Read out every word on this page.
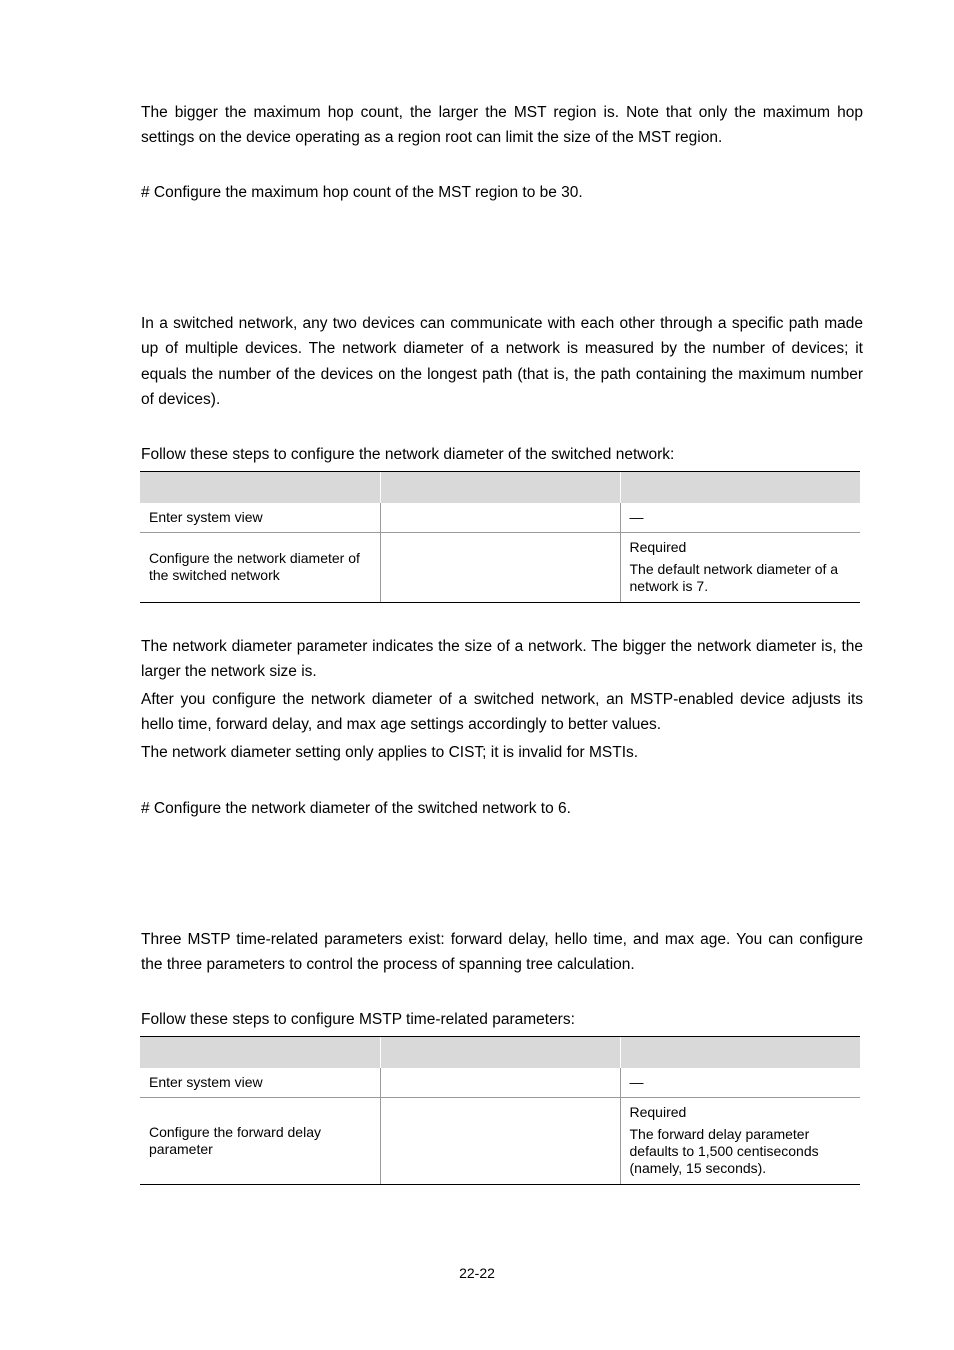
The bigger the maximum hop count, the larger the MST region is. Note that only the maximum hop settings on the device operating as a region root can limit the size of the MST region.

# Configure the maximum hop count of the MST region to be 30.

In a switched network, any two devices can communicate with each other through a specific path made up of multiple devices. The network diameter of a network is measured by the number of devices; it equals the number of the devices on the longest path (that is, the path containing the maximum number of devices).

Follow these steps to configure the network diameter of the switched network:

Enter system view		—
Configure the network diameter of the switched network		Required

The default network diameter of a network is 7.

The network diameter parameter indicates the size of a network. The bigger the network diameter is, the larger the network size is.

After you configure the network diameter of a switched network, an MSTP-enabled device adjusts its hello time, forward delay, and max age settings accordingly to better values.

The network diameter setting only applies to CIST; it is invalid for MSTIs.

# Configure the network diameter of the switched network to 6.

Three MSTP time-related parameters exist: forward delay, hello time, and max age. You can configure the three parameters to control the process of spanning tree calculation.

Follow these steps to configure MSTP time-related parameters:

Enter system view		—
Configure the forward delay parameter		Required

The forward delay parameter defaults to 1,500 centiseconds (namely, 15 seconds).

22-22
